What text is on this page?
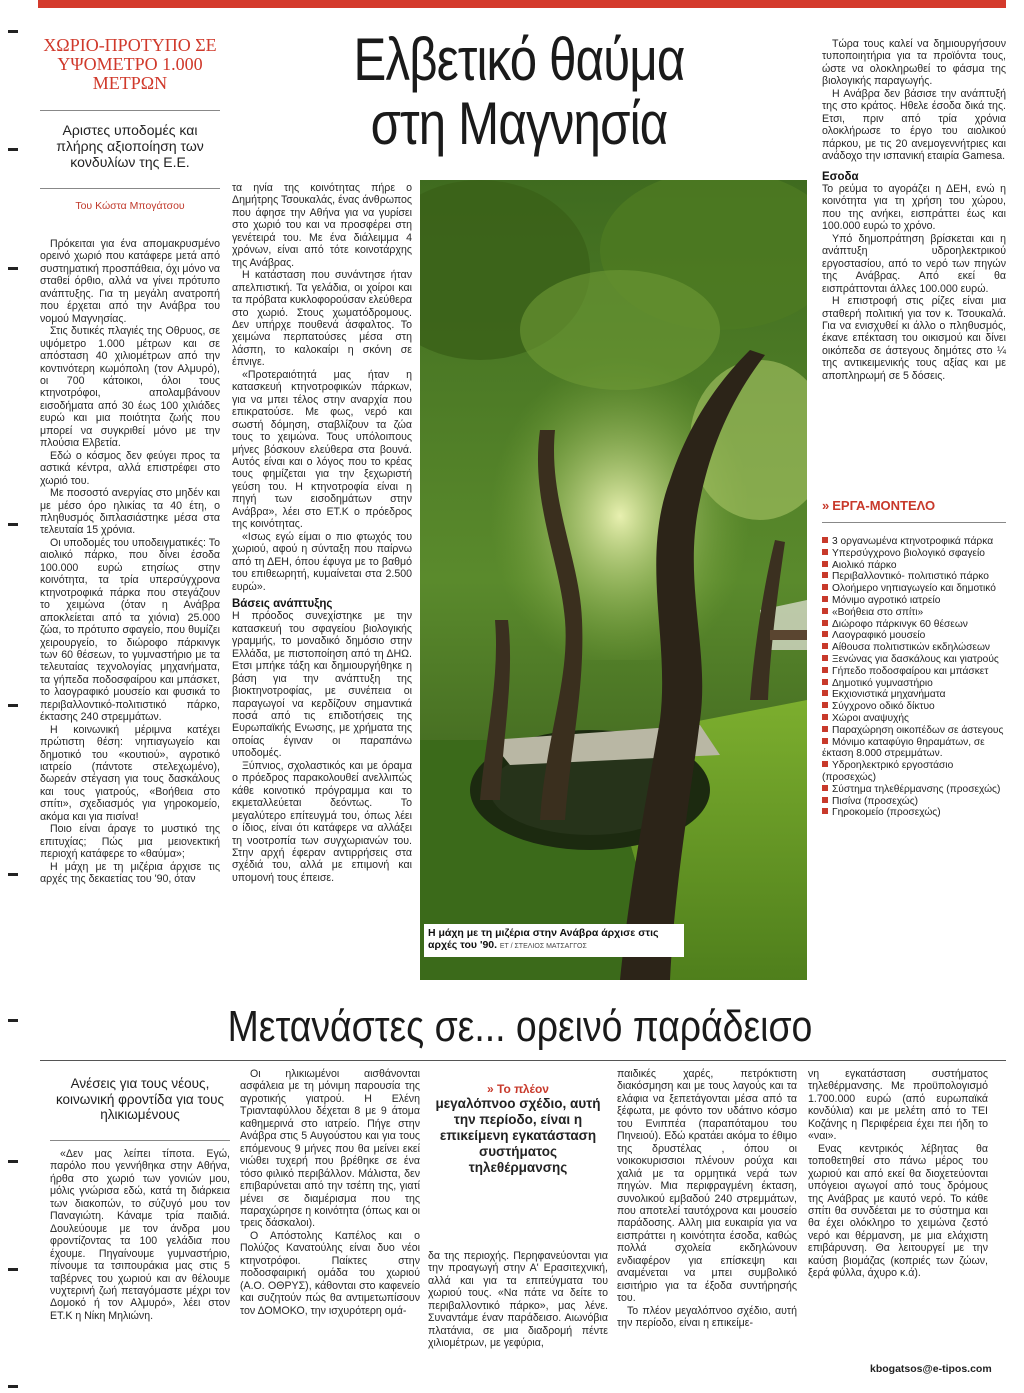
ΧΩΡΙΟ-ΠΡΟΤΥΠΟ ΣΕ ΥΨΟΜΕΤΡΟ 1.000 ΜΕΤΡΩΝ
Αριστες υποδομές και πλήρης αξιοποίηση των κονδυλίων της Ε.Ε.
Του Κώστα Μπογάτσου
Ελβετικό θαύμα
στη Μαγνησία

Πρόκειται για ένα απομακρυσμένο ορεινό χωριό που κατάφερε μετά από συστηματική προσπάθεια, όχι μόνο να σταθεί όρθιο, αλλά να γίνει πρότυπο ανάπτυξης. Για τη μεγάλη ανατροπή που έρχεται από την Ανάβρα του νομού Μαγνησίας.

Στις δυτικές πλαγιές της Οθρυος, σε υψόμετρο 1.000 μέτρων και σε απόσταση 40 χιλιομέτρων από την κοντινότερη κωμόπολη (τον Αλμυρό), οι 700 κάτοικοι, όλοι τους κτηνοτρόφοι, απολαμβάνουν εισοδήματα από 30 έως 100 χιλιάδες ευρώ και μια ποιότητα ζωής που μπορεί να συγκριθεί μόνο με την πλούσια Ελβετία.

Εδώ ο κόσμος δεν φεύγει προς τα αστικά κέντρα, αλλά επιστρέφει στο χωριό του.

Με ποσοστό ανεργίας στο μηδέν και με μέσο όρο ηλικίας τα 40 έτη, ο πληθυσμός διπλασιάστηκε μέσα στα τελευταία 15 χρόνια.

Οι υποδομές του υποδειγματικές: Το αιολικό πάρκο, που δίνει έσοδα 100.000 ευρώ ετησίως στην κοινότητα, τα τρία υπερσύγχρονα κτηνοτροφικά πάρκα που στεγάζουν το χειμώνα (όταν η Ανάβρα αποκλείεται από τα χιόνια) 25.000 ζώα, το πρότυπο σφαγείο, που θυμίζει χειρουργείο, το διώροφο πάρκινγκ των 60 θέσεων, το γυμναστήριο με τα τελευταίας τεχνολογίας μηχανήματα, τα γήπεδα ποδοσφαίρου και μπάσκετ, το λαογραφικό μουσείο και φυσικά το περιβαλλοντικό-πολιτιστικό πάρκο, έκτασης 240 στρεμμάτων.

Η κοινωνική μέριμνα κατέχει πρώτιστη θέση: νηπιαγωγείο και δημοτικό του «κουτιού», αγροτικό ιατρείο (πάντοτε στελεχωμένο), δωρεάν στέγαση για τους δασκάλους και τους γιατρούς, «Βοήθεια στο σπίτι», σχεδιασμός για γηροκομείο, ακόμα και για πισίνα!

Ποιο είναι άραγε το μυστικό της επιτυχίας; Πώς μια μειονεκτική περιοχή κατάφερε το «θαύμα»;

Η μάχη με τη μιζέρια άρχισε τις αρχές της δεκαετίας του '90, όταν

τα ηνία της κοινότητας πήρε ο Δημήτρης Τσουκαλάς, ένας άνθρωπος που άφησε την Αθήνα για να γυρίσει στο χωριό του και να προσφέρει στη γενέτειρά του. Με ένα διάλειμμα 4 χρόνων, είναι από τότε κοινοτάρχης της Ανάβρας.

Η κατάσταση που συνάντησε ήταν απελπιστική. Τα γελάδια, οι χοίροι και τα πρόβατα κυκλοφορούσαν ελεύθερα στο χωριό. Στους χωματόδρομους. Δεν υπήρχε πουθενά άσφαλτος. Το χειμώνα περπατούσες μέσα στη λάσπη, το καλοκαίρι η σκόνη σε έπνιγε.

«Προτεραιότητά μας ήταν η κατασκευή κτηνοτροφικών πάρκων, για να μπει τέλος στην αναρχία που επικρατούσε. Με φως, νερό και σωστή δόμηση, σταβλίζουν τα ζώα τους το χειμώνα. Τους υπόλοιπους μήνες βόσκουν ελεύθερα στα βουνά. Αυτός είναι και ο λόγος που το κρέας τους φημίζεται για την ξεχωριστή γεύση του. Η κτηνοτροφία είναι η πηγή των εισοδημάτων στην Ανάβρα», λέει στο ΕΤ.Κ ο πρόεδρος της κοινότητας.

«Ισως εγώ είμαι ο πιο φτωχός του χωριού, αφού η σύνταξη που παίρνω από τη ΔΕΗ, όπου έφυγα με το βαθμό του επιθεωρητή, κυμαίνεται στα 2.500 ευρώ».

Βάσεις ανάπτυξης

Η πρόοδος συνεχίστηκε με την κατασκευή του σφαγείου βιολογικής γραμμής, το μοναδικό δημόσιο στην Ελλάδα, με πιστοποίηση από τη ΔΗΩ. Ετσι μπήκε τάξη και δημιουργήθηκε η βάση για την ανάπτυξη της βιοκτηνοτροφίας, με συνέπεια οι παραγωγοί να κερδίζουν σημαντικά ποσά από τις επιδοτήσεις της Ευρωπαϊκής Ενωσης, με χρήματα της οποίας έγιναν οι παραπάνω υποδομές.

Ξύπνιος, σχολαστικός και με όραμα ο πρόεδρος παρακολουθεί ανελλιπώς κάθε κοινοτικό πρόγραμμα και το εκμεταλλεύεται δεόντως. Το μεγαλύτερο επίτευγμά του, όπως λέει ο ίδιος, είναι ότι κατάφερε να αλλάξει τη νοοτροπία των συγχωριανών του. Στην αρχή έφεραν αντιρρήσεις στα σχέδιά του, αλλά με επιμονή και υπομονή τους έπεισε.

Η μάχη με τη μιζέρια στην Ανάβρα άρχισε στις αρχές του '90. ΕΤ / ΣΤΕΛΙΟΣ ΜΑΤΣΑΓΓΟΣ

Τώρα τους καλεί να δημιουργήσουν τυποποιητήρια για τα προϊόντα τους, ώστε να ολοκληρωθεί το φάσμα της βιολογικής παραγωγής.

Η Ανάβρα δεν βάσισε την ανάπτυξή της στο κράτος. Ηθελε έσοδα δικά της. Ετσι, πριν από τρία χρόνια ολοκλήρωσε το έργο του αιολικού πάρκου, με τις 20 ανεμογεννήτριες και ανάδοχο την ισπανική εταιρία Gamesa.

Εσοδα

Το ρεύμα το αγοράζει η ΔΕΗ, ενώ η κοινότητα για τη χρήση του χώρου, που της ανήκει, εισπράττει έως και 100.000 ευρώ το χρόνο.

Υπό δημοπράτηση βρίσκεται και η ανάπτυξη υδροηλεκτρικού εργοστασίου, από το νερό των πηγών της Ανάβρας. Από εκεί θα εισπράττονται άλλες 100.000 ευρώ.

Η επιστροφή στις ρίζες είναι μια σταθερή πολιτική για τον κ. Τσουκαλά. Για να ενισχυθεί κι άλλο ο πληθυσμός, έκανε επέκταση του οικισμού και δίνει οικόπεδα σε άστεγους δημότες στο ¼ της αντικειμενικής τους αξίας και με αποπληρωμή σε 5 δόσεις.

» ΕΡΓΑ-ΜΟΝΤΕΛΟ
3 οργανωμένα κτηνοτροφικά πάρκα
Υπερσύγχρονο βιολογικό σφαγείο
Αιολικό πάρκο
Περιβαλλοντικό- πολιτιστικό πάρκο
Ολοήμερο νηπιαγωγείο και δημοτικό
Μόνιμο αγροτικό ιατρείο
«Βοήθεια στο σπίτι»
Διώροφο πάρκινγκ 60 θέσεων
Λαογραφικό μουσείο
Αίθουσα πολιτιστικών εκδηλώσεων
Ξενώνας για δασκάλους και γιατρούς
Γήπεδο ποδοσφαίρου και μπάσκετ
Δημοτικό γυμναστήριο
Εκχιονιστικά μηχανήματα
Σύγχρονο οδικό δίκτυο
Χώροι αναψυχής
Παραχώρηση οικοπέδων σε άστεγους
Μόνιμο καταφύγιο θηραμάτων, σε έκταση 8.000 στρεμμάτων.
Υδροηλεκτρικό εργοστάσιο (προσεχώς)
Σύστημα τηλεθέρμανσης (προσεχώς)
Πισίνα (προσεχώς)
Γηροκομείο (προσεχώς)
Μετανάστες σε... ορεινό παράδεισο
Ανέσεις για τους νέους, κοινωνική φροντίδα για τους ηλικιωμένους

«Δεν μας λείπει τίποτα. Εγώ, παρόλο που γεννήθηκα στην Αθήνα, ήρθα στο χωριό των γονιών μου, μόλις γνώρισα εδώ, κατά τη διάρκεια των διακοπών, το σύζυγό μου τον Παναγιώτη. Κάναμε τρία παιδιά. Δουλεύουμε με τον άνδρα μου φροντίζοντας τα 100 γελάδια που έχουμε. Πηγαίνουμε γυμναστήριο, πίνουμε τα τσιπουράκια μας στις 5 ταβέρνες του χωριού και αν θέλουμε νυχτερινή ζωή πεταγόμαστε μέχρι τον Δομοκό ή τον Αλμυρό», λέει στον ΕΤ.Κ η Νίκη Μηλιώνη.

Οι ηλικιωμένοι αισθάνονται ασφάλεια με τη μόνιμη παρουσία της αγροτικής γιατρού. Η Ελένη Τριανταφύλλου δέχεται 8 με 9 άτομα καθημερινά στο ιατρείο. Πήγε στην Ανάβρα στις 5 Αυγούστου και για τους επόμενους 9 μήνες που θα μείνει εκεί νιώθει τυχερή που βρέθηκε σε ένα τόσο φιλικό περιβάλλον. Μάλιστα, δεν επιβαρύνεται από την τσέπη της, γιατί μένει σε διαμέρισμα που της παραχώρησε η κοινότητα (όπως και οι τρεις δάσκαλοι).

Ο Απόστολης Καπέλος και ο Πολύζος Κανατούλης είναι δυο νέοι κτηνοτρόφοι. Παίκτες στην ποδοσφαιρική ομάδα του χωριού (Α.Ο. ΟΘΡΥΣ), κάθονται στο καφενείο και συζητούν πώς θα αντιμετωπίσουν τον ΔΟΜΟΚΟ, την ισχυρότερη ομά-

» Το πλέον
μεγαλόπνοο σχέδιο, αυτή την περίοδο, είναι η επικείμενη εγκατάσταση συστήματος τηλεθέρμανσης

δα της περιοχής. Περηφανεύονται για την προαγωγή στην Α' Ερασιτεχνική, αλλά και για τα επιτεύγματα του χωριού τους. «Να πάτε να δείτε το περιβαλλοντικό πάρκο», μας λένε. Συναντάμε έναν παράδεισο. Αιωνόβια πλατάνια, σε μια διαδρομή πέντε χιλιομέτρων, με γεφύρια,

παιδικές χαρές, πετρόκτιστη διακόσμηση και με τους λαγούς και τα ελάφια να ξεπετάγονται μέσα από τα ξέφωτα, με φόντο τον υδάτινο κόσμο του Ενιππέα (παραπόταμου του Πηνειού). Εδώ κρατάει ακόμα το έθιμο της δρυστέλας , όπου οι νοικοκυρισσιοι πλένουν ρούχα και χαλιά με τα ορμητικά νερά των πηγών. Μια περιφραγμένη έκταση, συνολικού εμβαδού 240 στρεμμάτων, που αποτελεί ταυτόχρονα και μουσείο παράδοσης. Αλλη μια ευκαιρία για να εισπράττει η κοινότητα έσοδα, καθώς πολλά σχολεία εκδηλώνουν ενδιαφέρον για επίσκεψη και αναμένεται να μπει συμβολικό εισιτήριο για τα έξοδα συντήρησής του.

Το πλέον μεγαλόπνοο σχέδιο, αυτή την περίοδο, είναι η επικείμε-

νη εγκατάσταση συστήματος τηλεθέρμανσης. Με προϋπολογισμό 1.700.000 ευρώ (από ευρωπαϊκά κονδύλια) και με μελέτη από το ΤΕΙ Κοζάνης η Περιφέρεια έχει πει ήδη το «ναι».

Ενας κεντρικός λέβητας θα τοποθετηθεί στο πάνω μέρος του χωριού και από εκεί θα διοχετεύονται υπόγειοι αγωγοί από τους δρόμους της Ανάβρας με καυτό νερό. Το κάθε σπίτι θα συνδέεται με το σύστημα και θα έχει ολόκληρο το χειμώνα ζεστό νερό και θέρμανση, με μια ελάχιστη επιβάρυνση. Θα λειτουργεί με την καύση βιομάζας (κοπριές των ζώων, ξερά φύλλα, άχυρο κ.ά).

kbogatsos@e-tipos.com
